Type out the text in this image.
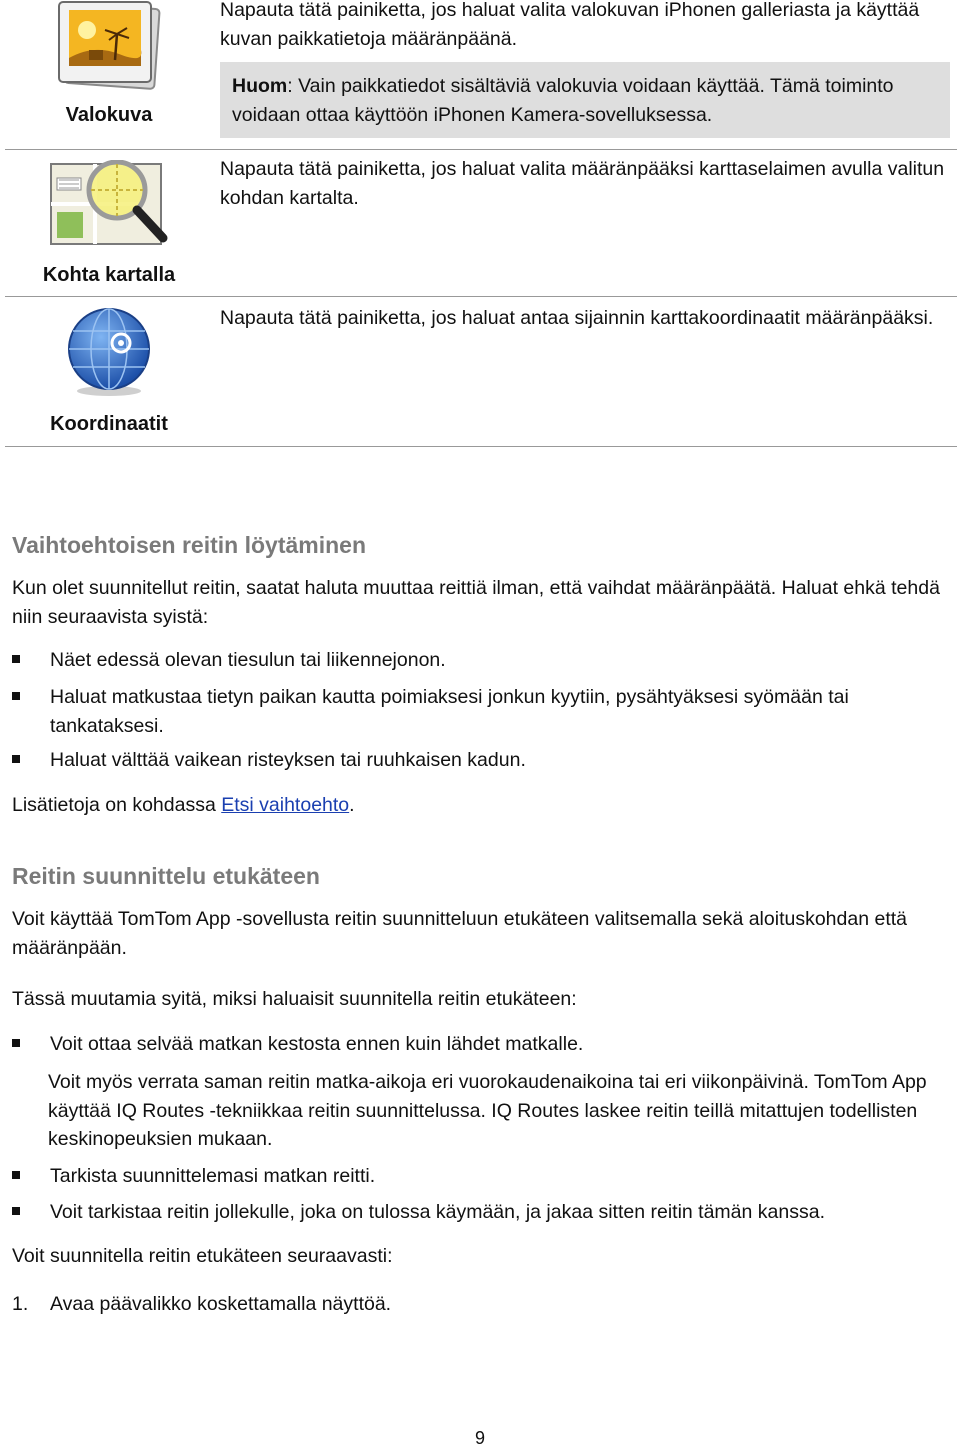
Valokuva
Napauta tätä painiketta, jos haluat valita valokuvan iPhonen galleriasta ja käyttää kuvan paikkatietoja määränpäänä.
Huom: Vain paikkatiedot sisältäviä valokuvia voidaan käyttää. Tämä toiminto voidaan ottaa käyttöön iPhonen Kamera-sovelluksessa.
Kohta kartalla
Napauta tätä painiketta, jos haluat valita määränpääksi karttaselaimen avulla valitun kohdan kartalta.
Koordinaatit
Napauta tätä painiketta, jos haluat antaa sijainnin karttakoordinaatit määränpääksi.
Vaihtoehtoisen reitin löytäminen

Kun olet suunnitellut reitin, saatat haluta muuttaa reittiä ilman, että vaihdat määränpäätä. Haluat ehkä tehdä niin seuraavista syistä:

Näet edessä olevan tiesulun tai liikennejonon.
Haluat matkustaa tietyn paikan kautta poimiaksesi jonkun kyytiin, pysähtyäksesi syömään tai tankataksesi.
Haluat välttää vaikean risteyksen tai ruuhkaisen kadun.

Lisätietoja on kohdassa Etsi vaihtoehto.

Reitin suunnittelu etukäteen

Voit käyttää TomTom App -sovellusta reitin suunnitteluun etukäteen valitsemalla sekä aloituskohdan että määränpään.

Tässä muutamia syitä, miksi haluaisit suunnitella reitin etukäteen:

Voit ottaa selvää matkan kestosta ennen kuin lähdet matkalle.

Voit myös verrata saman reitin matka-aikoja eri vuorokaudenaikoina tai eri viikonpäivinä. TomTom App käyttää IQ Routes -tekniikkaa reitin suunnittelussa. IQ Routes laskee reitin teillä mitattujen todellisten keskinopeuksien mukaan.

Tarkista suunnittelemasi matkan reitti.
Voit tarkistaa reitin jollekulle, joka on tulossa käymään, ja jakaa sitten reitin tämän kanssa.

Voit suunnitella reitin etukäteen seuraavasti:

1. Avaa päävalikko koskettamalla näyttöä.
9
